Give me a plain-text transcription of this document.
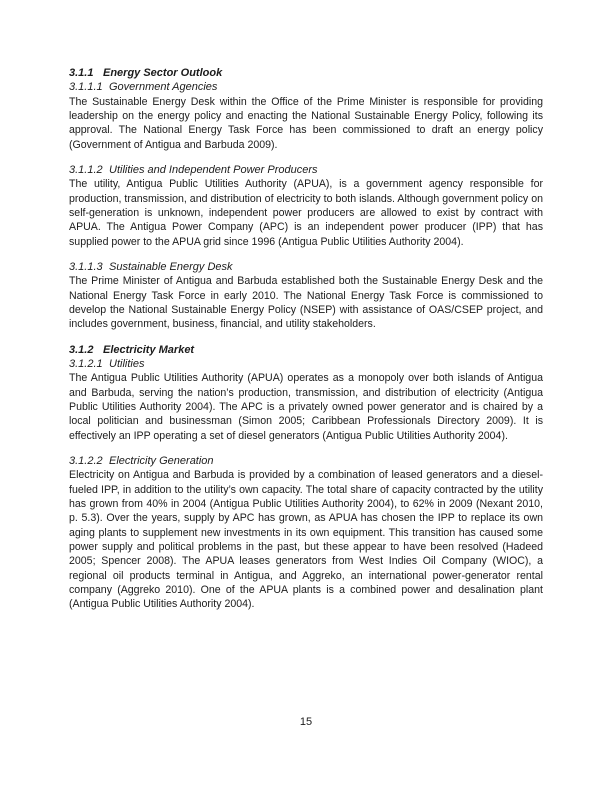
3.1.1 Energy Sector Outlook
3.1.1.1 Government Agencies

The Sustainable Energy Desk within the Office of the Prime Minister is responsible for providing leadership on the energy policy and enacting the National Sustainable Energy Policy, following its approval. The National Energy Task Force has been commissioned to draft an energy policy (Government of Antigua and Barbuda 2009).

3.1.1.2 Utilities and Independent Power Producers

The utility, Antigua Public Utilities Authority (APUA), is a government agency responsible for production, transmission, and distribution of electricity to both islands. Although government policy on self-generation is unknown, independent power producers are allowed to exist by contract with APUA. The Antigua Power Company (APC) is an independent power producer (IPP) that has supplied power to the APUA grid since 1996 (Antigua Public Utilities Authority 2004).

3.1.1.3 Sustainable Energy Desk

The Prime Minister of Antigua and Barbuda established both the Sustainable Energy Desk and the National Energy Task Force in early 2010. The National Energy Task Force is commissioned to develop the National Sustainable Energy Policy (NSEP) with assistance of OAS/CSEP project, and includes government, business, financial, and utility stakeholders.

3.1.2 Electricity Market
3.1.2.1 Utilities

The Antigua Public Utilities Authority (APUA) operates as a monopoly over both islands of Antigua and Barbuda, serving the nation’s production, transmission, and distribution of electricity (Antigua Public Utilities Authority 2004). The APC is a privately owned power generator and is chaired by a local politician and businessman (Simon 2005; Caribbean Professionals Directory 2009). It is effectively an IPP operating a set of diesel generators (Antigua Public Utilities Authority 2004).

3.1.2.2 Electricity Generation

Electricity on Antigua and Barbuda is provided by a combination of leased generators and a diesel-fueled IPP, in addition to the utility’s own capacity. The total share of capacity contracted by the utility has grown from 40% in 2004 (Antigua Public Utilities Authority 2004), to 62% in 2009 (Nexant 2010, p. 5.3). Over the years, supply by APC has grown, as APUA has chosen the IPP to replace its own aging plants to supplement new investments in its own equipment. This transition has caused some power supply and political problems in the past, but these appear to have been resolved (Hadeed 2005; Spencer 2008). The APUA leases generators from West Indies Oil Company (WIOC), a regional oil products terminal in Antigua, and Aggreko, an international power-generator rental company (Aggreko 2010). One of the APUA plants is a combined power and desalination plant (Antigua Public Utilities Authority 2004).

15
